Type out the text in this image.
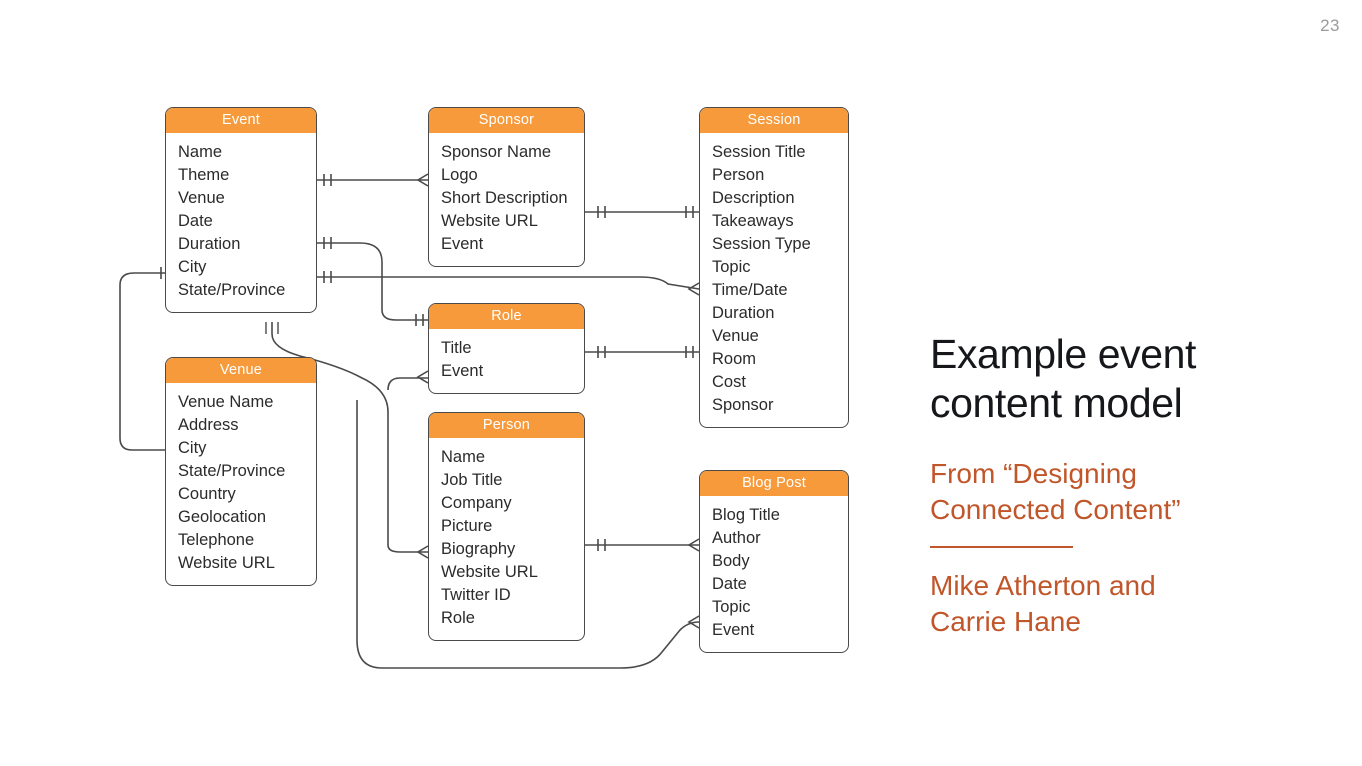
23
Event
Name
Theme
Venue
Date
Duration
City
State/Province
Venue
Venue Name
Address
City
State/Province
Country
Geolocation
Telephone
Website URL
Sponsor
Sponsor Name
Logo
Short Description
Website URL
Event
Role
Title
Event
Person
Name
Job Title
Company
Picture
Biography
Website URL
Twitter ID
Role
Session
Session Title
Person
Description
Takeaways
Session Type
Topic
Time/Date
Duration
Venue
Room
Cost
Sponsor
Blog Post
Blog Title
Author
Body
Date
Topic
Event
Example event
content model
From “Designing
Connected Content”
Mike Atherton and
Carrie Hane
